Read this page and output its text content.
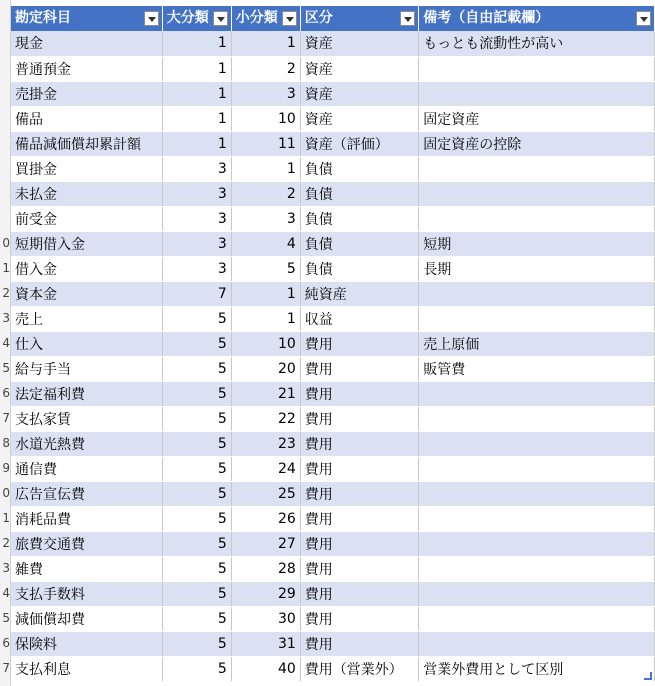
0
1
2
3
4
5
6
7
8
9
0
1
2
3
4
5
6
7
勘定科目	大分類	小分類	区分	備考（自由記載欄）

現金	1	1	資産	もっとも流動性が高い
普通預金	1	2	資産	
売掛金	1	3	資産	
備品	1	10	資産	固定資産
備品減価償却累計額	1	11	資産（評価）	固定資産の控除
買掛金	3	1	負債	
未払金	3	2	負債	
前受金	3	3	負債	
短期借入金	3	4	負債	短期
借入金	3	5	負債	長期
資本金	7	1	純資産	
売上	5	1	収益	
仕入	5	10	費用	売上原価
給与手当	5	20	費用	販管費
法定福利費	5	21	費用	
支払家賃	5	22	費用	
水道光熱費	5	23	費用	
通信費	5	24	費用	
広告宣伝費	5	25	費用	
消耗品費	5	26	費用	
旅費交通費	5	27	費用	
雑費	5	28	費用	
支払手数料	5	29	費用	
減価償却費	5	30	費用	
保険料	5	31	費用	
支払利息	5	40	費用（営業外）	営業外費用として区別
